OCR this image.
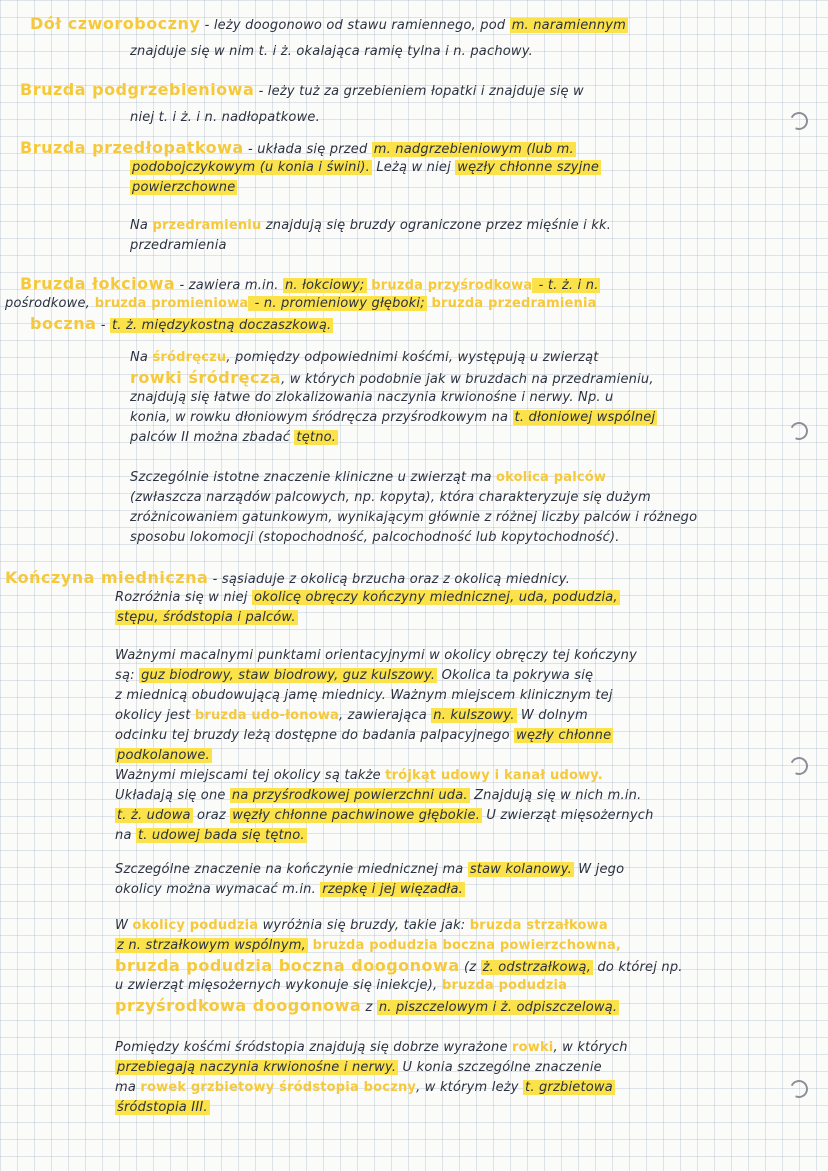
Dół czworoboczny - leży doogonowo od stawu ramiennego, pod m. naramiennym
znajduje się w nim t. i ż. okalająca ramię tylna i n. pachowy.
Bruzda podgrzebieniowa - leży tuż za grzebieniem łopatki i znajduje się w
niej t. i ż. i n. nadłopatkowe.
Bruzda przedłopatkowa - układa się przed m. nadgrzebieniowym (lub m.
podobojczykowym (u konia i świni). Leżą w niej węzły chłonne szyjne
powierzchowne
Na przedramieniu znajdują się bruzdy ograniczone przez mięśnie i kk.
przedramienia
Bruzda łokciowa - zawiera m.in. n. łokciowy; bruzda przyśrodkowa - t. ż. i n.
pośrodkowe, bruzda promieniowa - n. promieniowy głęboki; bruzda przedramienia
boczna - t. ż. międzykostną doczaszkową.
Na śródręczu, pomiędzy odpowiednimi kośćmi, występują u zwierząt
rowki śródręcza, w których podobnie jak w bruzdach na przedramieniu,
znajdują się łatwe do zlokalizowania naczynia krwionośne i nerwy. Np. u
konia, w rowku dłoniowym śródręcza przyśrodkowym na t. dłoniowej wspólnej
palców II można zbadać tętno.
Szczególnie istotne znaczenie kliniczne u zwierząt ma okolica palców
(zwłaszcza narządów palcowych, np. kopyta), która charakteryzuje się dużym
zróżnicowaniem gatunkowym, wynikającym głównie z różnej liczby palców i różnego
sposobu lokomocji (stopochodność, palcochodność lub kopytochodność).
Kończyna miedniczna - sąsiaduje z okolicą brzucha oraz z okolicą miednicy.
Rozróżnia się w niej okolicę obręczy kończyny miednicznej, uda, podudzia,
stępu, śródstopia i palców.
Ważnymi macalnymi punktami orientacyjnymi w okolicy obręczy tej kończyny
są: guz biodrowy, staw biodrowy, guz kulszowy. Okolica ta pokrywa się
z miednicą obudowującą jamę miednicy. Ważnym miejscem klinicznym tej
okolicy jest bruzda udo-łonowa, zawierająca n. kulszowy. W dolnym
odcinku tej bruzdy leżą dostępne do badania palpacyjnego węzły chłonne
podkolanowe.
Ważnymi miejscami tej okolicy są także trójkąt udowy i kanał udowy.
Układają się one na przyśrodkowej powierzchni uda. Znajdują się w nich m.in.
t. ż. udowa oraz węzły chłonne pachwinowe głębokie. U zwierząt mięsożernych
na t. udowej bada się tętno.
Szczególne znaczenie na kończynie miednicznej ma staw kolanowy. W jego
okolicy można wymacać m.in. rzepkę i jej więzadła.
W okolicy podudzia wyróżnia się bruzdy, takie jak: bruzda strzałkowa
z n. strzałkowym wspólnym, bruzda podudzia boczna powierzchowna,
bruzda podudzia boczna doogonowa (z ż. odstrzałkową, do której np.
u zwierząt mięsożernych wykonuje się iniekcje), bruzda podudzia
przyśrodkowa doogonowa z n. piszczelowym i ż. odpiszczelową.
Pomiędzy kośćmi śródstopia znajdują się dobrze wyrażone rowki, w których
przebiegają naczynia krwionośne i nerwy. U konia szczególne znaczenie
ma rowek grzbietowy śródstopia boczny, w którym leży t. grzbietowa
śródstopia III.
